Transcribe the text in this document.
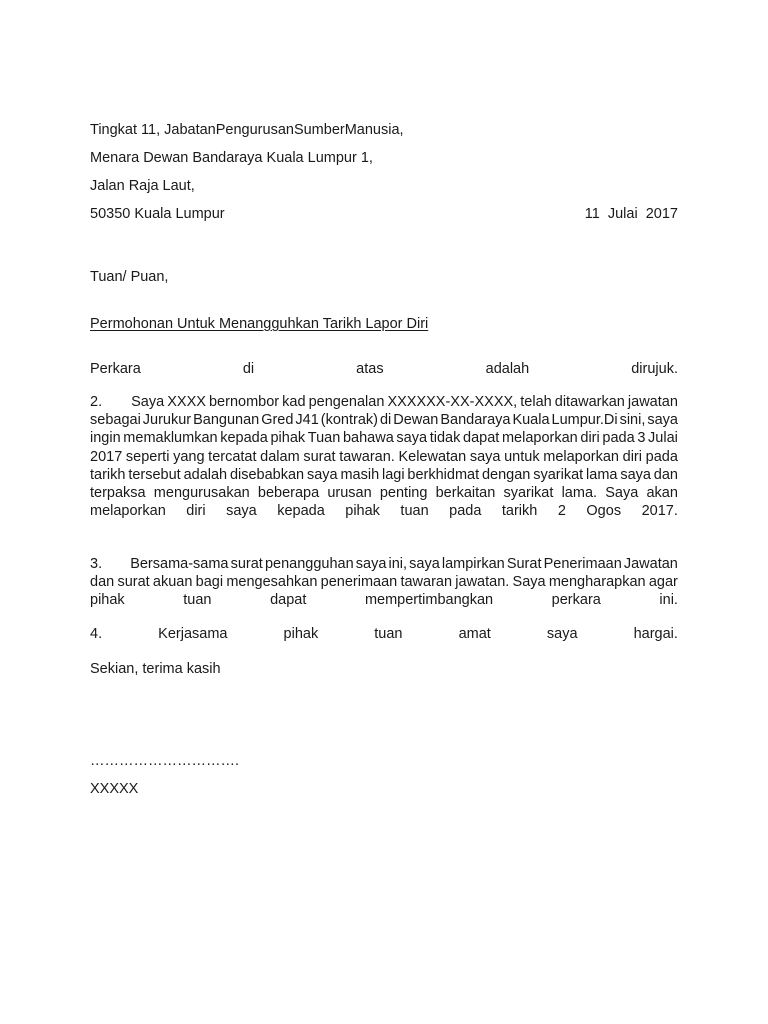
Tingkat 11, JabatanPengurusanSumberManusia,
Menara Dewan Bandaraya Kuala Lumpur 1,
Jalan Raja Laut,
50350 Kuala Lumpur	11  Julai  2017
Tuan/ Puan,
Permohonan Untuk Menangguhkan Tarikh Lapor Diri
Perkara	di	atas	adalah	dirujuk.
2. Saya XXXX bernombor kad pengenalan XXXXXX-XX-XXXX, telah ditawarkan jawatan
sebagai Jurukur Bangunan Gred J41 (kontrak) di Dewan Bandaraya Kuala Lumpur.Di sini, saya
ingin memaklumkan kepada pihak Tuan bahawa saya tidak dapat melaporkan diri pada 3 Julai
2017 seperti yang tercatat dalam surat tawaran. Kelewatan saya untuk melaporkan diri pada
tarikh tersebut adalah disebabkan saya masih lagi berkhidmat dengan syarikat lama saya dan
terpaksa mengurusakan beberapa urusan penting berkaitan syarikat lama. Saya akan
melaporkan diri saya kepada pihak tuan pada tarikh 2 Ogos 2017.
3. Bersama-sama surat penangguhan saya ini, saya lampirkan Surat Penerimaan Jawatan
dan surat akuan bagi mengesahkan penerimaan tawaran jawatan. Saya mengharapkan agar
pihak	tuan	dapat	mempertimbangkan	perkara	ini.
4.	Kerjasama	pihak	tuan	amat	saya	hargai.
Sekian, terima kasih
………………………….
XXXXX
